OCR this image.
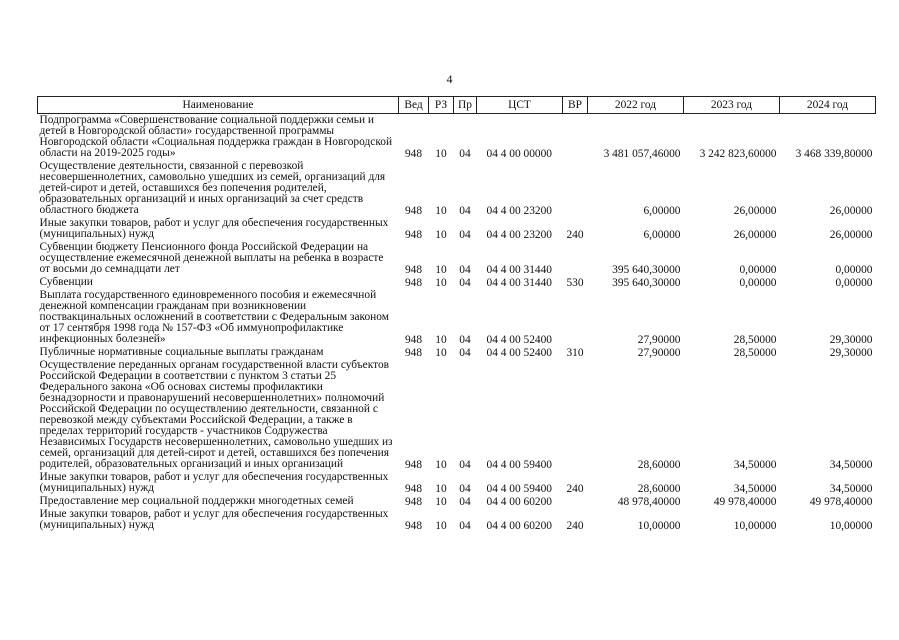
4
Наименование	Вед	РЗ	Пр	ЦСТ	ВР	2022 год	2023 год	2024 год
Подпрограмма «Совершенствование социальной поддержки семьи и детей в Новгородской области» государственной программы Новгородской области «Социальная поддержка граждан в Новгородской области на 2019-2025 годы»	948	10	04	04 4 00 00000		3 481 057,46000	3 242 823,60000	3 468 339,80000
Осуществление деятельности, связанной с перевозкой несовершеннолетних, самовольно ушедших из семей, организаций для детей-сирот и детей, оставшихся без попечения родителей, образовательных организаций и иных организаций за счет средств областного бюджета	948	10	04	04 4 00 23200		6,00000	26,00000	26,00000
Иные закупки товаров, работ и услуг для обеспечения государственных (муниципальных) нужд	948	10	04	04 4 00 23200	240	6,00000	26,00000	26,00000
Субвенции бюджету Пенсионного фонда Российской Федерации на осуществление ежемесячной денежной выплаты на ребенка в возрасте от восьми до семнадцати лет	948	10	04	04 4 00 31440		395 640,30000	0,00000	0,00000
Субвенции	948	10	04	04 4 00 31440	530	395 640,30000	0,00000	0,00000
Выплата государственного единовременного пособия и ежемесячной денежной компенсации гражданам при возникновении поствакцинальных осложнений в соответствии с Федеральным законом от 17 сентября 1998 года № 157-ФЗ «Об иммунопрофилактике инфекционных болезней»	948	10	04	04 4 00 52400		27,90000	28,50000	29,30000
Публичные нормативные социальные выплаты гражданам	948	10	04	04 4 00 52400	310	27,90000	28,50000	29,30000
Осуществление переданных органам государственной власти субъектов Российской Федерации в соответствии с пунктом 3 статьи 25 Федерального закона «Об основах системы профилактики безнадзорности и правонарушений несовершеннолетних» полномочий Российской Федерации по осуществлению деятельности, связанной с перевозкой между субъектами Российской Федерации, а также в пределах территорий государств - участников Содружества Независимых Государств несовершеннолетних, самовольно ушедших из семей, организаций для детей-сирот и детей, оставшихся без попечения родителей, образовательных организаций и иных организаций	948	10	04	04 4 00 59400		28,60000	34,50000	34,50000
Иные закупки товаров, работ и услуг для обеспечения государственных (муниципальных) нужд	948	10	04	04 4 00 59400	240	28,60000	34,50000	34,50000
Предоставление мер социальной поддержки многодетных семей	948	10	04	04 4 00 60200		48 978,40000	49 978,40000	49 978,40000
Иные закупки товаров, работ и услуг для обеспечения государственных (муниципальных) нужд	948	10	04	04 4 00 60200	240	10,00000	10,00000	10,00000
